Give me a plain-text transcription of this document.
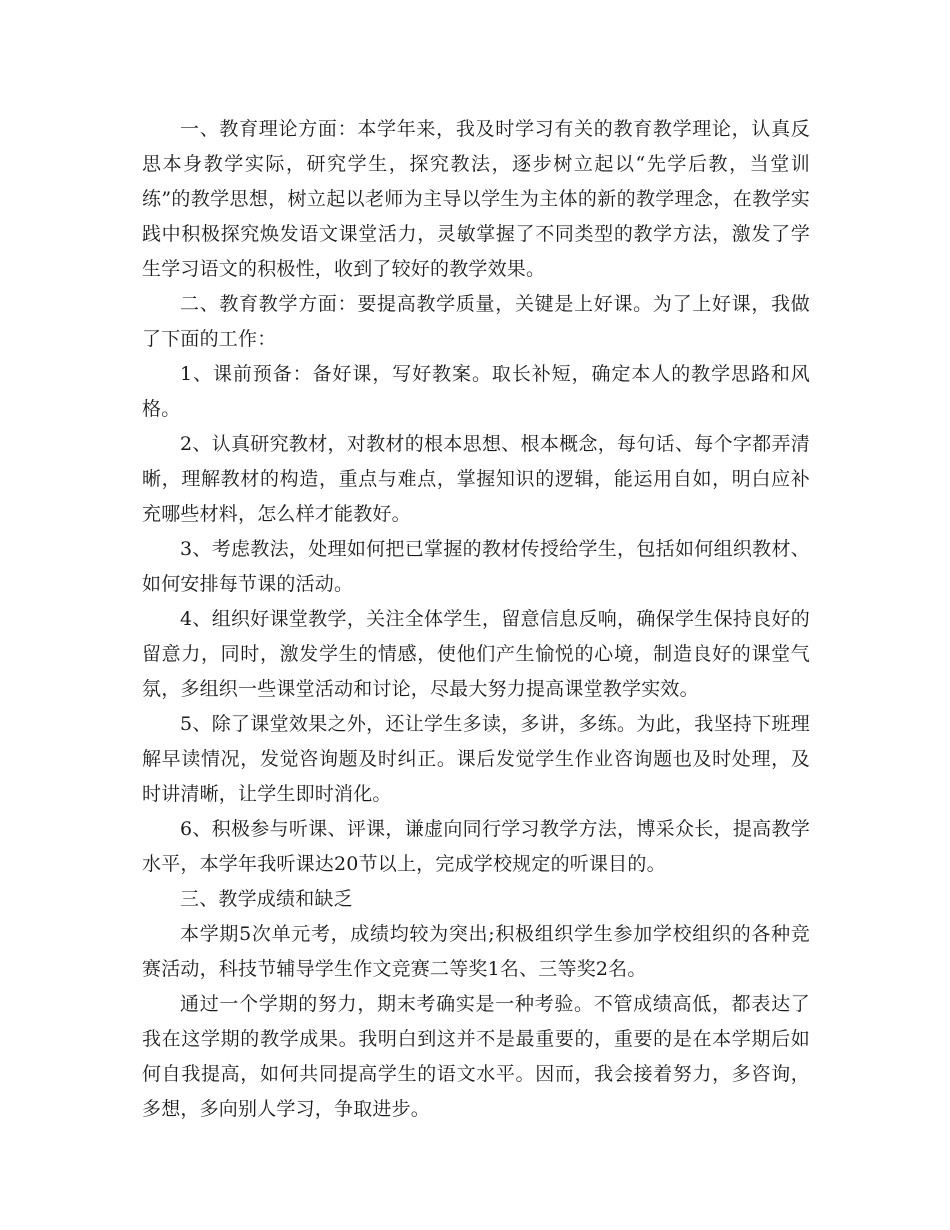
一、教育理论方面：本学年来，我及时学习有关的教育教学理论，认真反思本身教学实际，研究学生，探究教法，逐步树立起以“先学后教，当堂训练”的教学思想，树立起以老师为主导以学生为主体的新的教学理念，在教学实践中积极探究焕发语文课堂活力，灵敏掌握了不同类型的教学方法，激发了学生学习语文的积极性，收到了较好的教学效果。

二、教育教学方面：要提高教学质量，关键是上好课。为了上好课，我做了下面的工作：

1、课前预备：备好课，写好教案。取长补短，确定本人的教学思路和风格。

2、认真研究教材，对教材的根本思想、根本概念，每句话、每个字都弄清晰，理解教材的构造，重点与难点，掌握知识的逻辑，能运用自如，明白应补充哪些材料，怎么样才能教好。

3、考虑教法，处理如何把已掌握的教材传授给学生，包括如何组织教材、如何安排每节课的活动。

4、组织好课堂教学，关注全体学生，留意信息反响，确保学生保持良好的留意力，同时，激发学生的情感，使他们产生愉悦的心境，制造良好的课堂气氛，多组织一些课堂活动和讨论，尽最大努力提高课堂教学实效。

5、除了课堂效果之外，还让学生多读，多讲，多练。为此，我坚持下班理解早读情况，发觉咨询题及时纠正。课后发觉学生作业咨询题也及时处理，及时讲清晰，让学生即时消化。

6、积极参与听课、评课，谦虚向同行学习教学方法，博采众长，提高教学水平，本学年我听课达20节以上，完成学校规定的听课目的。

三、教学成绩和缺乏

本学期5次单元考，成绩均较为突出;积极组织学生参加学校组织的各种竞赛活动，科技节辅导学生作文竞赛二等奖1名、三等奖2名。

通过一个学期的努力，期末考确实是一种考验。不管成绩高低，都表达了我在这学期的教学成果。我明白到这并不是最重要的，重要的是在本学期后如何自我提高，如何共同提高学生的语文水平。因而，我会接着努力，多咨询，多想，多向别人学习，争取进步。
